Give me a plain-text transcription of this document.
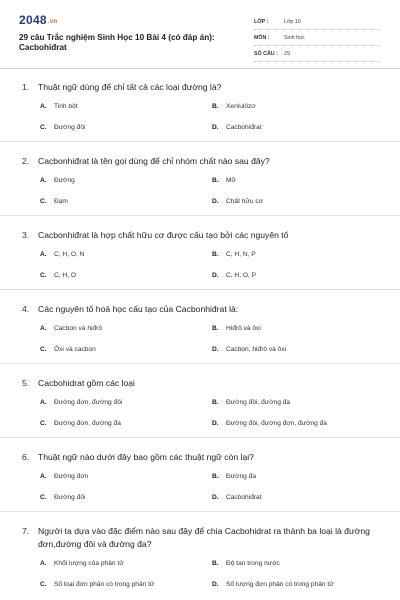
2048.vn
29 câu Trắc nghiệm Sinh Học 10 Bài 4 (có đáp án): Cacbohiđrat
LỚP :	Lớp 10
MÔN :	Sinh học
SỐ CÂU :	29
1.	Thuật ngữ dùng để chỉ tất cả các loại đường là?
A.	Tinh bột	B.	Xenlulôzơ
C.	Đường đôi	D.	Cacbohiđrat
2.	Cacbonhiđrat là tên gọi dùng để chỉ nhóm chất nào sau đây?
A.	Đường	B.	Mỡ
C.	Đạm	D.	Chất hữu cơ
3.	Cacbonhiđrat là hợp chất hữu cơ được cấu tạo bởi các nguyên tố
A.	C, H, O, N	B.	C, H, N, P
C.	C, H, O	D.	C, H, O, P
4.	Các nguyên tố hoá học cấu tạo của Cacbonhiđrat là:
A.	Cacbon và hiđrô	B.	Hiđrô và ôxi
C.	Ôxi và cacbon	D.	Cacbon, hiđrô và ôxi
5.	Cacbohidrat gồm các loại
A.	Đường đơn, đường đôi	B.	Đường đôi, đường đa
C.	Đường đơn, đường đa	D.	Đường đôi, đường đơn, đường đa
6.	Thuật ngữ nào dưới đây bao gồm các thuật ngữ còn lại?
A.	Đường đơn	B.	Đường đa
C.	Đường đôi	D.	Cacbohiđrat
7.	Người ta dựa vào đặc điểm nào sau đây để chia Cacbohidrat ra thành ba loại là đường đơn,đường đôi và đường đa?
A.	Khối lượng của phân tử	B.	Độ tan trong nước
C.	Số loại đơn phân có trong phân tử	D.	Số lượng đơn phân có trong phân tử
